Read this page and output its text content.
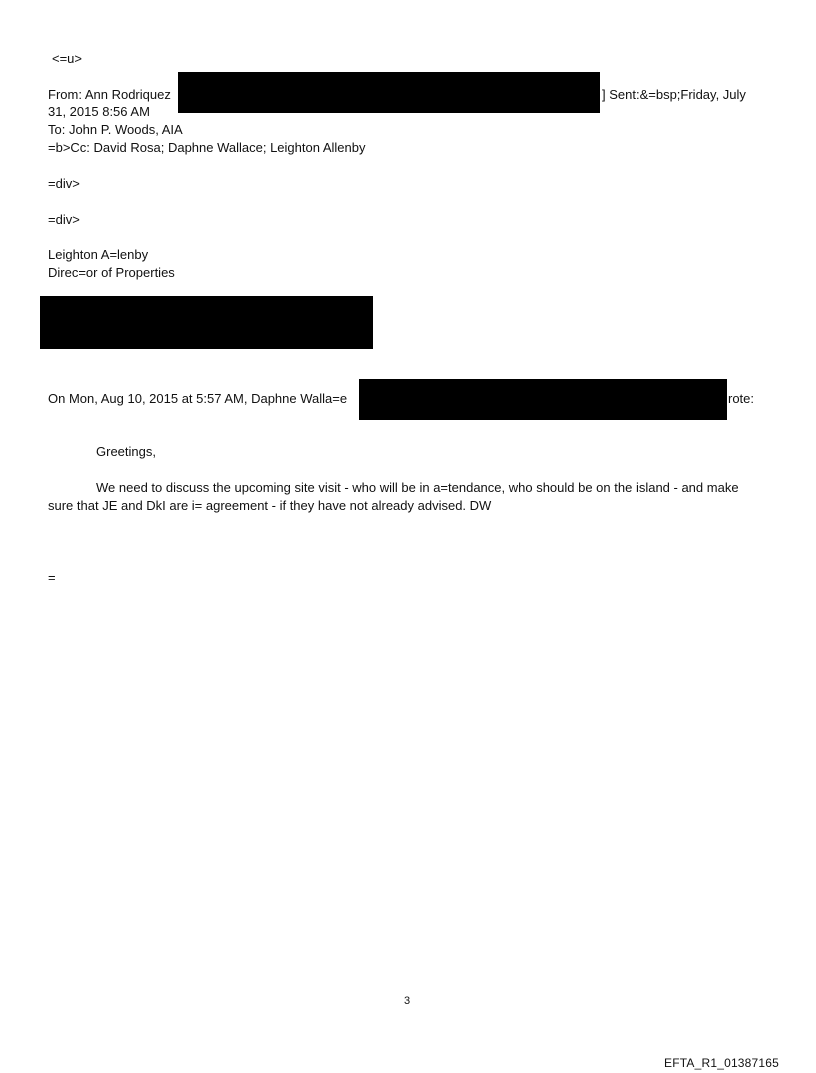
<=u>
From: Ann Rodriquez	] Sent:&=bsp;Friday, July
31, 2015 8:56 AM
To: John P. Woods, AIA
=b>Cc: David Rosa; Daphne Wallace; Leighton Allenby
=div>
=div>
Leighton A=lenby
Direc=or of Properties
On Mon, Aug 10, 2015 at 5:57 AM, Daphne Walla=e	rote:
Greetings,
We need to discuss the upcoming site visit - who will be in a=tendance, who should be on the island - and make
sure that JE and DkI are i= agreement - if they have not already advised. DW
=
3
EFTA_R1_01387165
